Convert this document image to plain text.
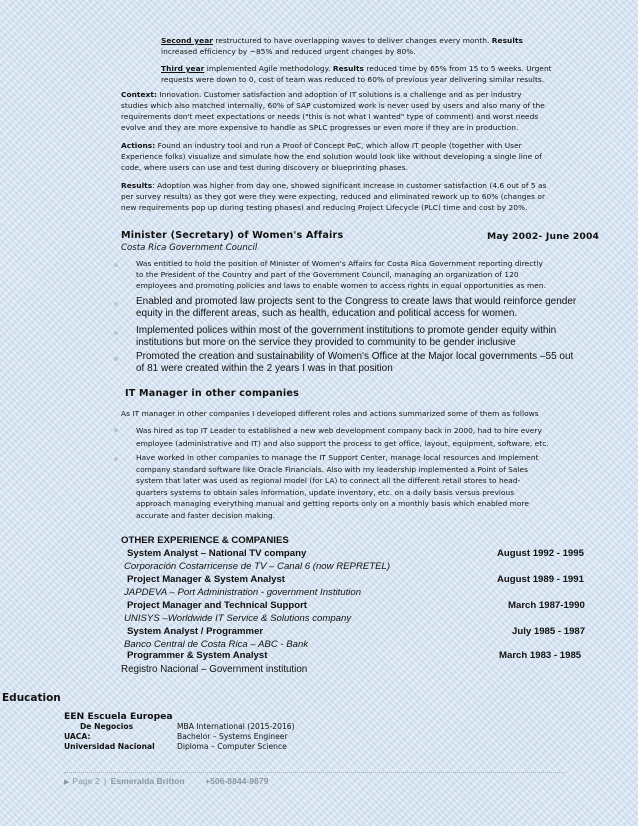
Second year restructured to have overlapping waves to deliver changes every month. Results
increased efficiency by ~85% and reduced urgent changes by 80%.
Third year implemented Agile methodology. Results reduced time by 65% from 15 to 5 weeks. Urgent
requests were down to 0, cost of team was reduced to 60% of previous year delivering similar results.
Context: Innovation. Customer satisfaction and adoption of IT solutions is a challenge and as per industry
studies which also matched internally, 60% of SAP customized work is never used by users and also many of the
requirements don't meet expectations or needs ("this is not what I wanted" type of comment) and worst needs
evolve and they are more expensive to handle as SPLC progresses or even more if they are in production.
Actions: Found an industry tool and run a Proof of Concept PoC, which allow IT people (together with User
Experience folks) visualize and simulate how the end solution would look like without developing a single line of
code, where users can use and test during discovery or blueprinting phases.
Results: Adoption was higher from day one, showed significant increase in customer satisfaction (4.6 out of 5 as
per survey results) as they got were they were expecting, reduced and eliminated rework up to 60% (changes or
new requirements pop up during testing phases) and reducing Project Lifecycle (PLC) time and cost by 20%.
Minister (Secretary) of Women's Affairs	May 2002- June 2004
Costa Rica Government Council
Was entitled to hold the position of Minister of Women's Affairs for Costa Rica Government reporting directly
to the President of the Country and part of the Government Council, managing an organization of 120
employees and promoting policies and laws to enable women to access rights in equal opportunities as men.
Enabled and promoted law projects sent to the Congress to create laws that would reinforce gender
equity in the different areas, such as health, education and political access for women.
Implemented polices within most of the government institutions to promote gender equity within
institutions but more on the service they provided to community to be gender inclusive
Promoted the creation and sustainability of Women's Office at the Major local governments –55 out
of 81 were created within the 2 years I was in that position
IT Manager in other companies
As IT manager in other companies I developed different roles and actions summarized some of them as follows
Was hired as top IT Leader to established a new web development company back in 2000, had to hire every
employee (administrative and IT) and also support the process to get office, layout, equipment, software, etc.
Have worked in other companies to manage the IT Support Center, manage local resources and implement
company standard software like Oracle Financials. Also with my leadership implemented a Point of Sales
system that later was used as regional model (for LA) to connect all the different retail stores to head-
quarters systems to obtain sales information, update inventory, etc. on a daily basis versus previous
approach managing everything manual and getting reports only on a monthly basis which enabled more
accurate and faster decision making.
OTHER EXPERIENCE & COMPANIES
System Analyst – National TV company	August 1992 - 1995
Corporación Costarricense de TV – Canal 6 (now REPRETEL)
Project Manager & System Analyst	August 1989 - 1991
JAPDEVA – Port Administration - government Institution
Project Manager and Technical Support	March 1987-1990
UNISYS –Worldwide IT Service & Solutions company
System Analyst / Programmer	July 1985 - 1987
Banco Central de Costa Rica – ABC - Bank
Programmer & System Analyst	March 1983 - 1985
Registro Nacional – Government institution
Education
EEN Escuela Europea
De Negocios	MBA International (2015-2016)
UACA:	Bachelor – Systems Engineer
Universidad Nacional	Diploma – Computer Science
▶ Page 2 | Esmeralda Britton +506-8844-9879
